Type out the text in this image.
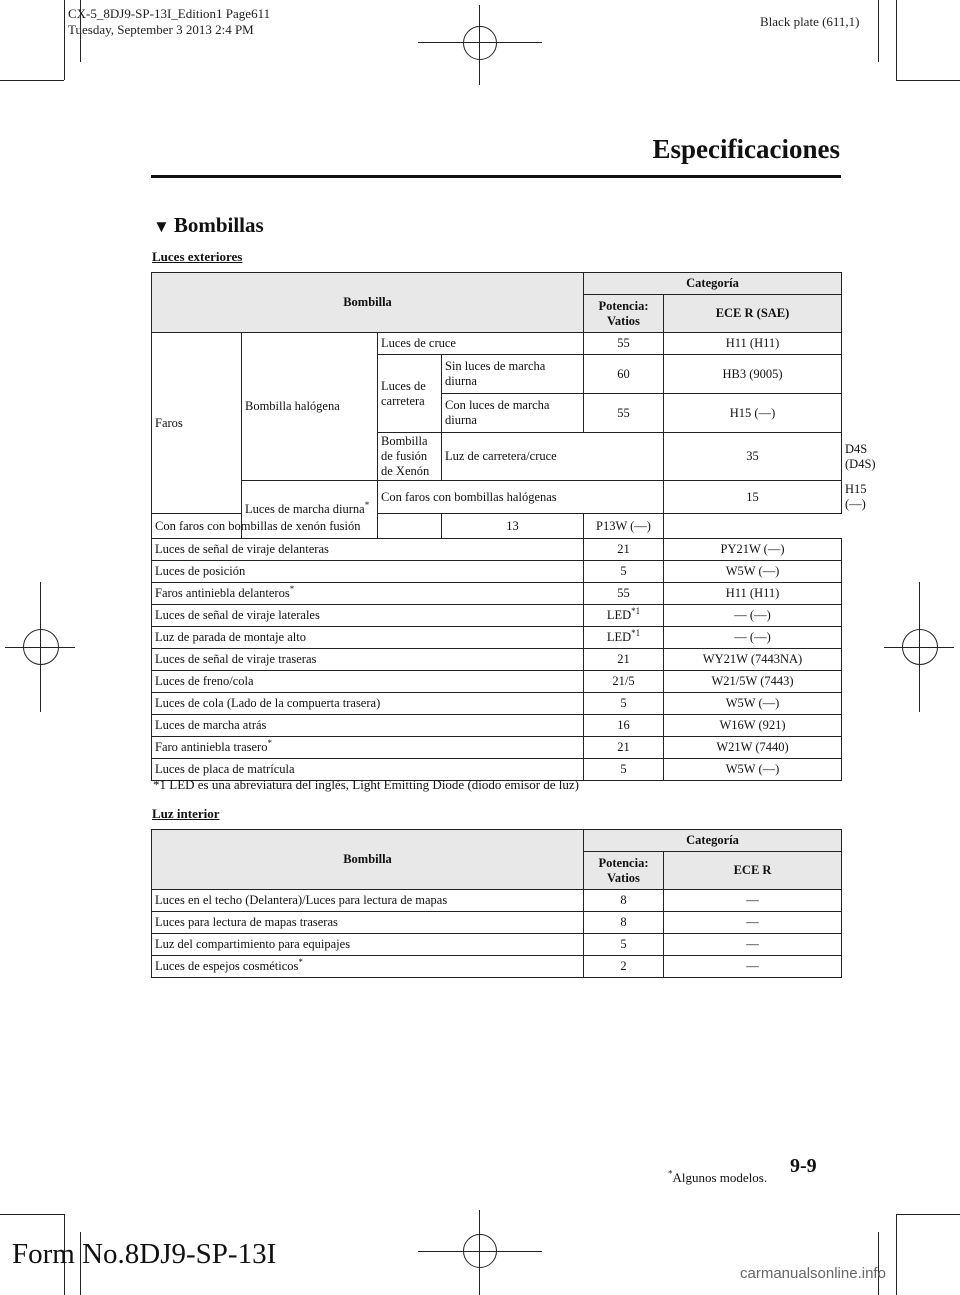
CX-5_8DJ9-SP-13I_Edition1 Page611
Tuesday, September 3 2013 2:4 PM
Black plate (611,1)
Especificaciones
▼ Bombillas
Luces exteriores
Bombilla				Categoría		
				Potencia: Vatios	ECE R (SAE)	
Faros	Bombilla halógena	Luces de cruce		55	H11 (H11)	
		Luces de carretera	Sin luces de marcha diurna	60	HB3 (9005)	
			Con luces de marcha diurna	55	H15 (―)	
		Bombilla de fusión de Xenón	Luz de carretera/cruce		35	D4S (D4S)
	Luces de marcha diurna*	Con faros con bombillas halógenas			15	H15 (―)
Con faros con bombillas de xenón fusión			13	P13W (―)		
Luces de señal de viraje delanteras				21	PY21W (―)	
Luces de posición				5	W5W (―)	
Faros antiniebla delanteros*				55	H11 (H11)	
Luces de señal de viraje laterales				LED$^{*1}$	― (―)	
Luz de parada de montaje alto				LED$^{*1}$	― (―)	
Luces de señal de viraje traseras				21	WY21W (7443NA)	
Luces de freno/cola				21/5	W21/5W (7443)	
Luces de cola (Lado de la compuerta trasera)				5	W5W (―)	
Luces de marcha atrás				16	W16W (921)	
Faro antiniebla trasero*				21	W21W (7440)	
Luces de placa de matrícula				5	W5W (―)	
*1 LED es una abreviatura del inglés, Light Emitting Diode (diodo emisor de luz)
Luz interior
Bombilla	Categoría	
	Potencia: Vatios	ECE R
Luces en el techo (Delantera)/Luces para lectura de mapas	8	―
Luces para lectura de mapas traseras	8	―
Luz del compartimiento para equipajes	5	―
Luces de espejos cosméticos*	2	―
*Algunos modelos.
9-9
Form No.8DJ9-SP-13I
carmanualsonline.info
